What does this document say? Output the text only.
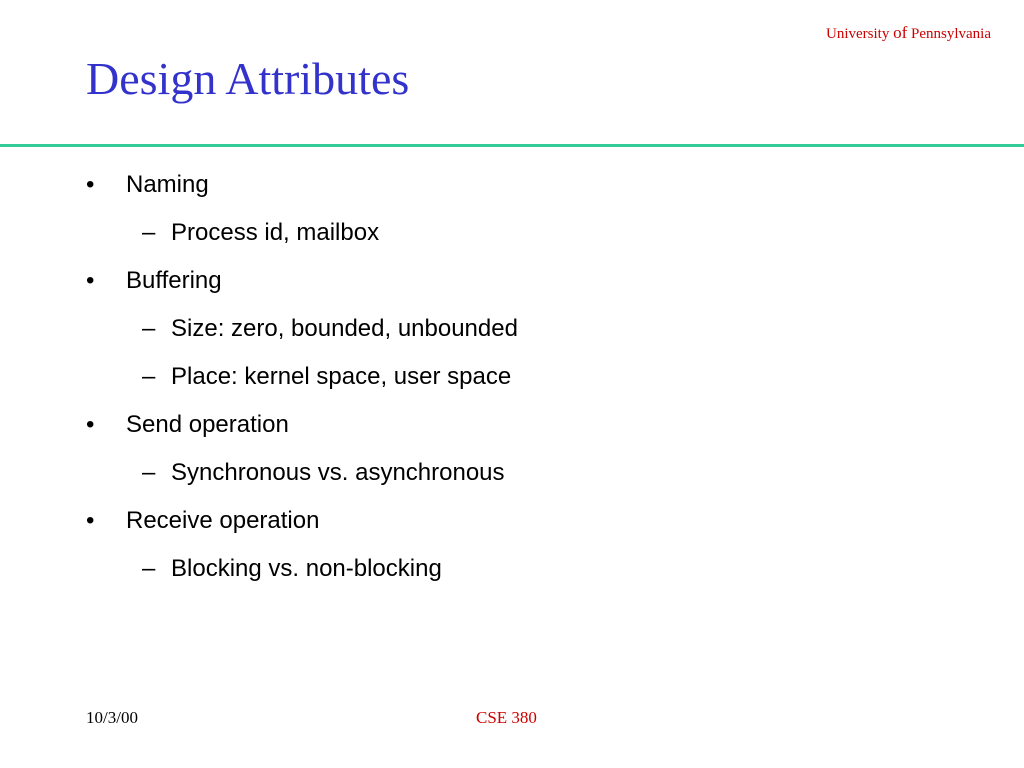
University of Pennsylvania
Design Attributes
• Naming
– Process id, mailbox
• Buffering
– Size: zero, bounded, unbounded
– Place: kernel space, user space
• Send operation
– Synchronous vs. asynchronous
• Receive operation
– Blocking vs. non-blocking
10/3/00	CSE 380
